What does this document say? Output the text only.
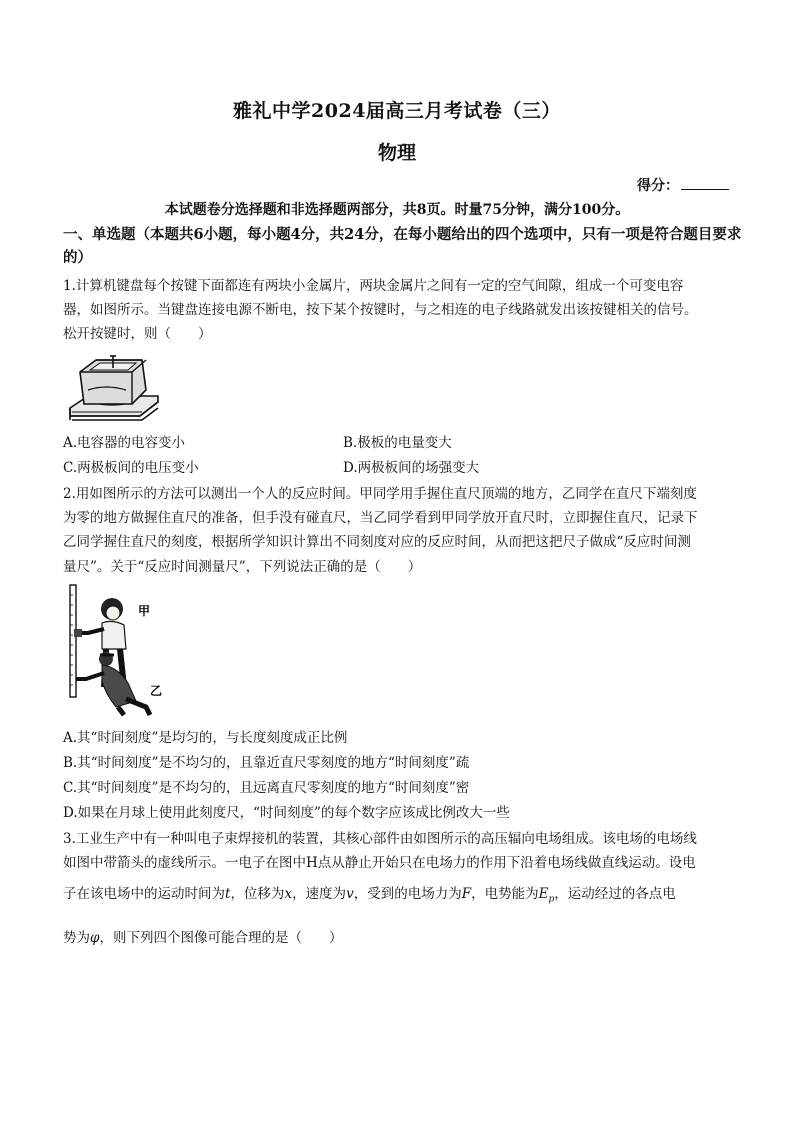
雅礼中学2024届高三月考试卷（三）
物理
得分：
本试题卷分选择题和非选择题两部分，共8页。时量75分钟，满分100分。
一、单选题（本题共6小题，每小题4分，共24分，在每小题给出的四个选项中，只有一项是符合题目要求的）
1.计算机键盘每个按键下面都连有两块小金属片，两块金属片之间有一定的空气间隙，组成一个可变电容
器，如图所示。当键盘连接电源不断电，按下某个按键时，与之相连的电子线路就发出该按键相关的信号。
松开按键时，则（　　）
A.电容器的电容变小	B.极板的电量变大
C.两极板间的电压变小	D.两极板间的场强变大
2.用如图所示的方法可以测出一个人的反应时间。甲同学用手握住直尺顶端的地方，乙同学在直尺下端刻度
为零的地方做握住直尺的准备，但手没有碰直尺，当乙同学看到甲同学放开直尺时，立即握住直尺，记录下
乙同学握住直尺的刻度，根据所学知识计算出不同刻度对应的反应时间，从而把这把尺子做成“反应时间测
量尺”。关于“反应时间测量尺”，下列说法正确的是（　　）
甲
乙
A.其“时间刻度”是均匀的，与长度刻度成正比例
B.其“时间刻度”是不均匀的，且靠近直尺零刻度的地方“时间刻度”疏
C.其“时间刻度”是不均匀的，且远离直尺零刻度的地方“时间刻度”密
D.如果在月球上使用此刻度尺，“时间刻度”的每个数字应该成比例改大一些
3.工业生产中有一种叫电子束焊接机的装置，其核心部件由如图所示的高压辐向电场组成。该电场的电场线
如图中带箭头的虚线所示。一电子在图中H点从静止开始只在电场力的作用下沿着电场线做直线运动。设电
子在该电场中的运动时间为t，位移为x，速度为v，受到的电场力为F，电势能为$E_p$，运动经过的各点电
势为φ，则下列四个图像可能合理的是（　　）
